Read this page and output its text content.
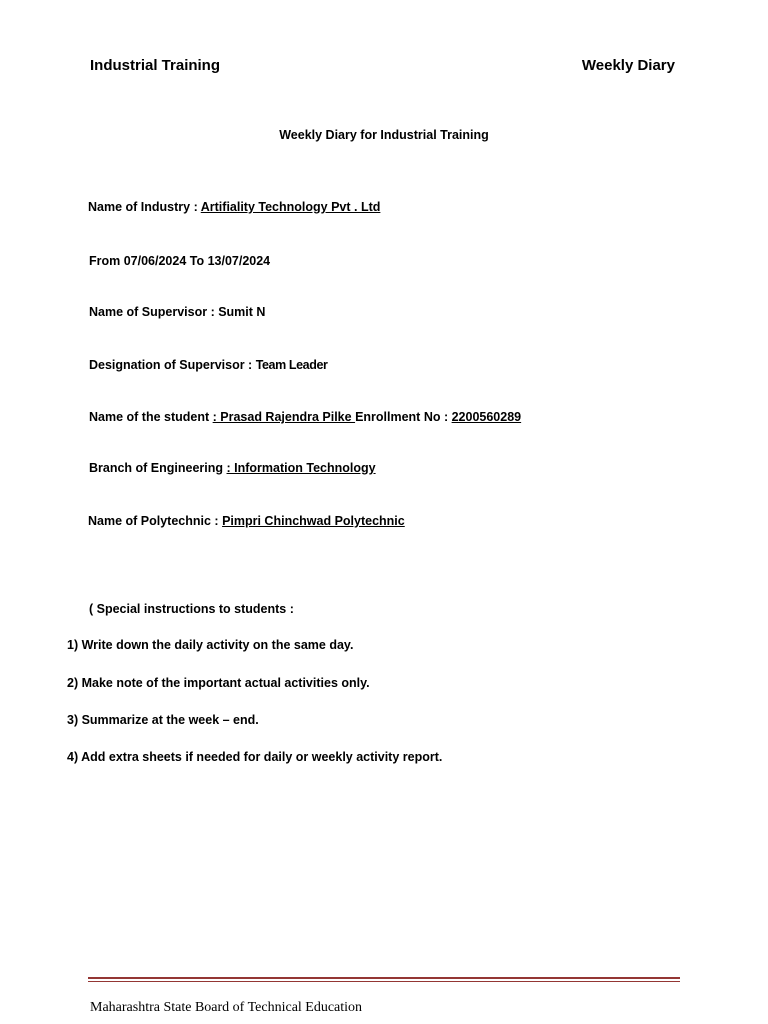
Industrial Training	Weekly Diary
Weekly Diary for Industrial Training
Name of Industry : Artifiality Technology Pvt . Ltd
From 07/06/2024 To 13/07/2024
Name of Supervisor : Sumit N
Designation of Supervisor : Team Leader
Name of the student : Prasad Rajendra Pilke Enrollment No : 2200560289
Branch of Engineering : Information Technology
Name of Polytechnic : Pimpri Chinchwad Polytechnic
( Special instructions to students :
1) Write down the daily activity on the same day.
2) Make note of the important actual activities only.
3) Summarize at the week – end.
4) Add extra sheets if needed for daily or weekly activity report.
Maharashtra State Board of Technical Education
